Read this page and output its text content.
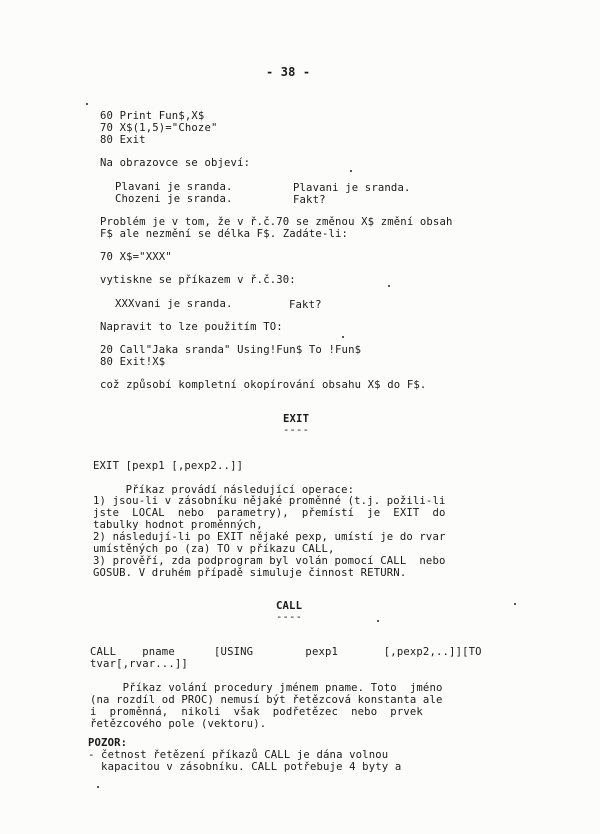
- 38 -
60 Print Fun$,X$
70 X$(1,5)="Choze"
80 Exit
Na obrazovce se objeví:
Plavani je sranda.	Plavani je sranda.
Chozeni je sranda.	Fakt?
Problém je v tom, že v ř.č.70 se změnou X$ změní obsah
F$ ale nezmění se délka F$. Zadáte-li:
70 X$="XXX"
vytiskne se příkazem v ř.č.30:
XXXvani je sranda.	Fakt?
Napravit to lze použitím TO:
20 Call"Jaka sranda" Using!Fun$ To !Fun$
80 Exit!X$
což způsobí kompletní okopírování obsahu X$ do F$.
EXIT
----
EXIT [pexp1 [,pexp2..]]
Příkaz provádí následující operace:
1) jsou-li v zásobníku nějaké proměnné (t.j. požili-li
jste  LOCAL  nebo  parametry),  přemístí  je  EXIT  do
tabulky hodnot proměnných,
2) následují-li po EXIT nějaké pexp, umístí je do rvar
umístěných po (za) TO v příkazu CALL,
3) prověří, zda podprogram byl volán pomocí CALL  nebo
GOSUB. V druhém případě simuluje činnost RETURN.
CALL
----
CALL    pname      [USING        pexp1       [,pexp2,..]][TO
tvar[,rvar...]]
Příkaz volání procedury jménem pname. Toto  jméno
(na rozdíl od PROC) nemusí být řetězcová konstanta ale
i  proměnná,  nikoli  však  podřetězec  nebo  prvek
řetězcového pole (vektoru).
POZOR:
- četnost řetězení příkazů CALL je dána volnou
kapacitou v zásobníku. CALL potřebuje 4 byty a
